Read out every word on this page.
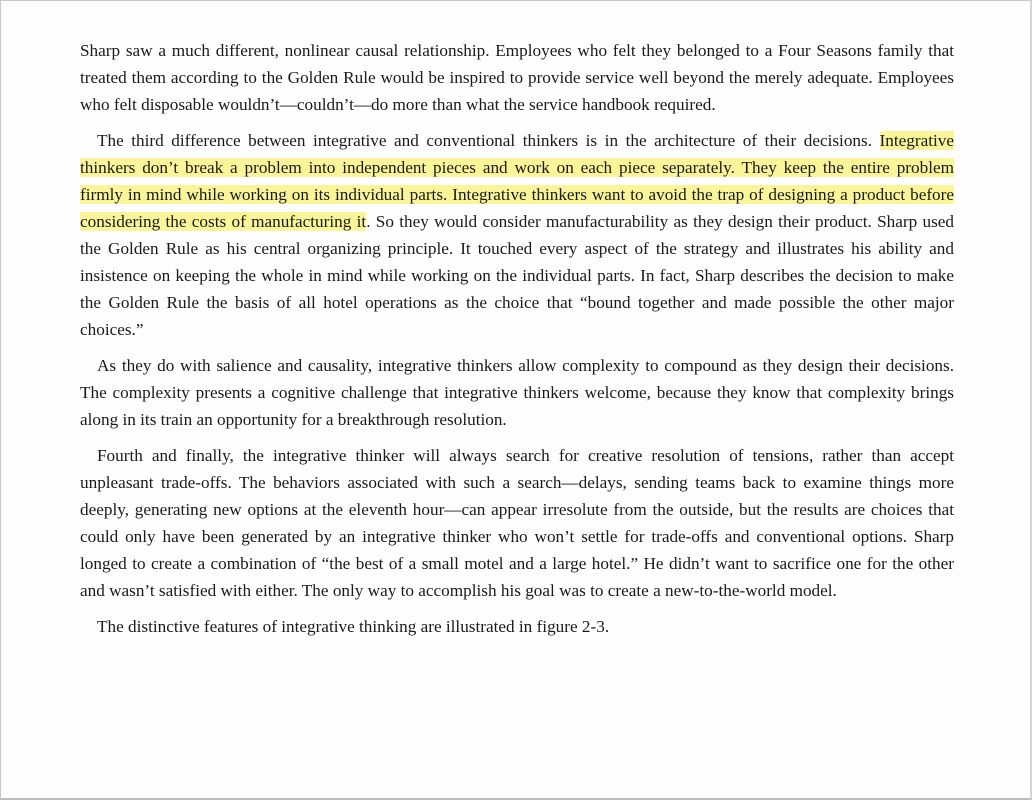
Sharp saw a much different, nonlinear causal relationship. Employees who felt they belonged to a Four Seasons family that treated them according to the Golden Rule would be inspired to provide service well beyond the merely adequate. Employees who felt disposable wouldn’t—couldn’t—do more than what the service handbook required.

The third difference between integrative and conventional thinkers is in the architecture of their decisions. Integrative thinkers don’t break a problem into independent pieces and work on each piece separately. They keep the entire problem firmly in mind while working on its individual parts. Integrative thinkers want to avoid the trap of designing a product before considering the costs of manufacturing it. So they would consider manufacturability as they design their product. Sharp used the Golden Rule as his central organizing principle. It touched every aspect of the strategy and illustrates his ability and insistence on keeping the whole in mind while working on the individual parts. In fact, Sharp describes the decision to make the Golden Rule the basis of all hotel operations as the choice that “bound together and made possible the other major choices.”

As they do with salience and causality, integrative thinkers allow complexity to compound as they design their decisions. The complexity presents a cognitive challenge that integrative thinkers welcome, because they know that complexity brings along in its train an opportunity for a breakthrough resolution.

Fourth and finally, the integrative thinker will always search for creative resolution of tensions, rather than accept unpleasant trade-offs. The behaviors associated with such a search—delays, sending teams back to examine things more deeply, generating new options at the eleventh hour—can appear irresolute from the outside, but the results are choices that could only have been generated by an integrative thinker who won’t settle for trade-offs and conventional options. Sharp longed to create a combination of “the best of a small motel and a large hotel.” He didn’t want to sacrifice one for the other and wasn’t satisfied with either. The only way to accomplish his goal was to create a new-to-the-world model.

The distinctive features of integrative thinking are illustrated in figure 2-3.
